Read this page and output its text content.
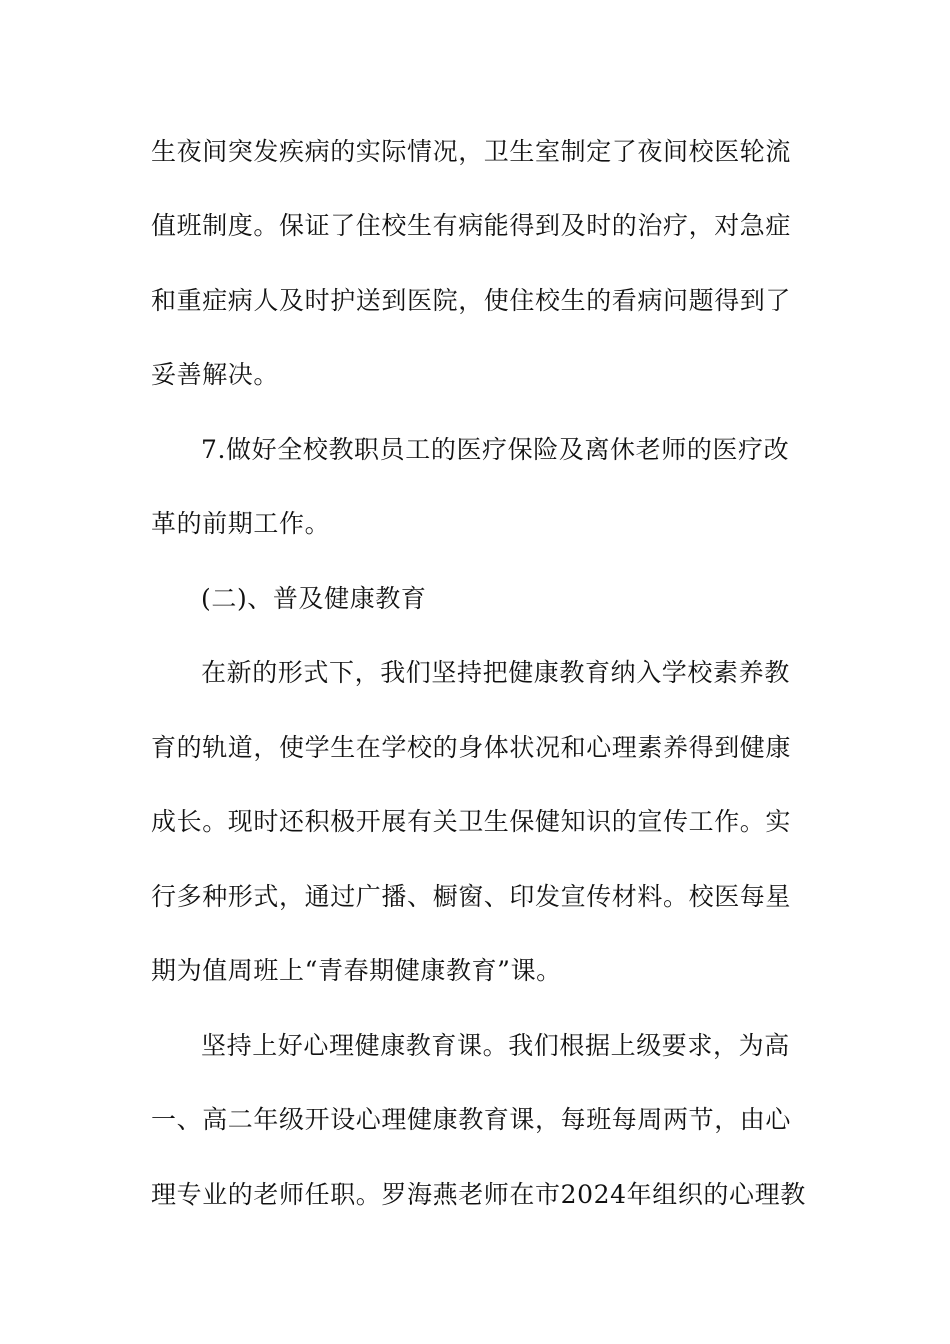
生夜间突发疾病的实际情况，卫生室制定了夜间校医轮流
值班制度。保证了住校生有病能得到及时的治疗，对急症
和重症病人及时护送到医院，使住校生的看病问题得到了
妥善解决。
7.做好全校教职员工的医疗保险及离休老师的医疗改
革的前期工作。
(二)、普及健康教育
在新的形式下，我们坚持把健康教育纳入学校素养教
育的轨道，使学生在学校的身体状况和心理素养得到健康
成长。现时还积极开展有关卫生保健知识的宣传工作。实
行多种形式，通过广播、橱窗、印发宣传材料。校医每星
期为值周班上“青春期健康教育”课。
坚持上好心理健康教育课。我们根据上级要求，为高
一、高二年级开设心理健康教育课，每班每周两节，由心
理专业的老师任职。罗海燕老师在市2024年组织的心理教
